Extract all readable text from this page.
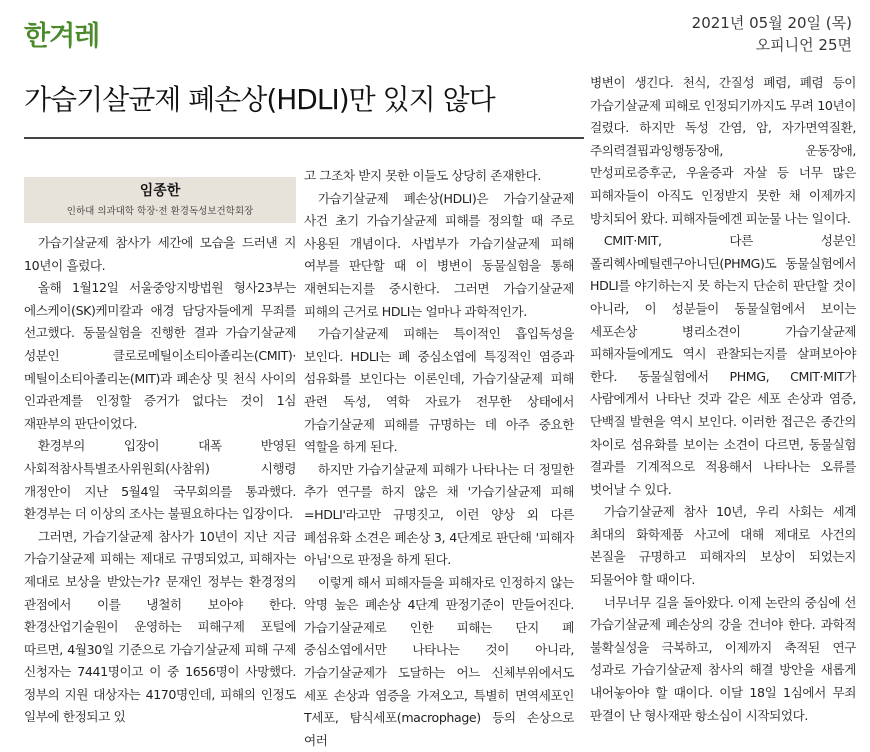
한겨레	2021년 05월 20일 (목)
오피니언 25면
가습기살균제 폐손상(HDLI)만 있지 않다
임종한
인하대 의과대학 학장·전 환경독성보건학회장

가습기살균제 참사가 세간에 모습을 드러낸 지 10년이 흘렀다.

올해 1월12일 서울중앙지방법원 형사23부는 에스케이(SK)케미칼과 애경 담당자들에게 무죄를 선고했다. 동물실험을 진행한 결과 가습기살균제 성분인 클로로메틸이소티아졸리논(CMIT)·메틸이소티아졸리논(MIT)과 폐손상 및 천식 사이의 인과관계를 인정할 증거가 없다는 것이 1심 재판부의 판단이었다.

환경부의 입장이 대폭 반영된 사회적참사특별조사위원회(사참위) 시행령 개정안이 지난 5월4일 국무회의를 통과했다. 환경부는 더 이상의 조사는 불필요하다는 입장이다.

그러면, 가습기살균제 참사가 10년이 지난 지금 가습기살균제 피해는 제대로 규명되었고, 피해자는 제대로 보상을 받았는가? 문재인 정부는 환경정의 관점에서 이를 냉철히 보아야 한다. 환경산업기술원이 운영하는 피해구제 포털에 따르면, 4월30일 기준으로 가습기살균제 피해 구제 신청자는 7441명이고 이 중 1656명이 사망했다. 정부의 지원 대상자는 4170명인데, 피해의 인정도 일부에 한정되고 있

고 그조차 받지 못한 이들도 상당히 존재한다.

가습기살균제 폐손상(HDLI)은 가습기살균제 사건 초기 가습기살균제 피해를 정의할 때 주로 사용된 개념이다. 사법부가 가습기살균제 피해 여부를 판단할 때 이 병변이 동물실험을 통해 재현되는지를 중시한다. 그러면 가습기살균제 피해의 근거로 HDLI는 얼마나 과학적인가.

가습기살균제 피해는 특이적인 흡입독성을 보인다. HDLI는 폐 중심소엽에 특징적인 염증과 섬유화를 보인다는 이론인데, 가습기살균제 피해 관련 독성, 역학 자료가 전무한 상태에서 가습기살균제 피해를 규명하는 데 아주 중요한 역할을 하게 된다.

하지만 가습기살균제 피해가 나타나는 더 정밀한 추가 연구를 하지 않은 채 '가습기살균제 피해=HDLI'라고만 규명짓고, 이런 양상 외 다른 폐섬유화 소견은 폐손상 3, 4단계로 판단해 '피해자 아님'으로 판정을 하게 된다.

이렇게 해서 피해자들을 피해자로 인정하지 않는 악명 높은 폐손상 4단계 판정기준이 만들어진다. 가습기살균제로 인한 피해는 단지 폐 중심소엽에서만 나타나는 것이 아니라, 가습기살균제가 도달하는 어느 신체부위에서도 세포 손상과 염증을 가져오고, 특별히 면역세포인 T세포, 탐식세포(macrophage) 등의 손상으로 여러

병변이 생긴다. 천식, 간질성 폐렴, 폐렴 등이 가습기살균제 피해로 인정되기까지도 무려 10년이 걸렸다. 하지만 독성 간염, 암, 자가면역질환, 주의력결핍과잉행동장애, 운동장애, 만성피로증후군, 우울증과 자살 등 너무 많은 피해자들이 아직도 인정받지 못한 채 이제까지 방치되어 왔다. 피해자들에겐 피눈물 나는 일이다.

CMIT·MIT, 다른 성분인 폴리헥사메틸렌구아니딘(PHMG)도 동물실험에서 HDLI를 야기하는지 못 하는지 단순히 판단할 것이 아니라, 이 성분들이 동물실험에서 보이는 세포손상 병리소견이 가습기살균제 피해자들에게도 역시 관찰되는지를 살펴보아야 한다. 동물실험에서 PHMG, CMIT·MIT가 사람에게서 나타난 것과 같은 세포 손상과 염증, 단백질 발현을 역시 보인다. 이러한 접근은 종간의 차이로 섬유화를 보이는 소견이 다르면, 동물실험 결과를 기계적으로 적용해서 나타나는 오류를 벗어날 수 있다.

가습기살균제 참사 10년, 우리 사회는 세계 최대의 화학제품 사고에 대해 제대로 사건의 본질을 규명하고 피해자의 보상이 되었는지 되물어야 할 때이다.

너무너무 길을 돌아왔다. 이제 논란의 중심에 선 가습기살균제 폐손상의 강을 건너야 한다. 과학적 불확실성을 극복하고, 이제까지 축적된 연구 성과로 가습기살균제 참사의 해결 방안을 새롭게 내어놓아야 할 때이다. 이달 18일 1심에서 무죄 판결이 난 형사재판 항소심이 시작되었다.
